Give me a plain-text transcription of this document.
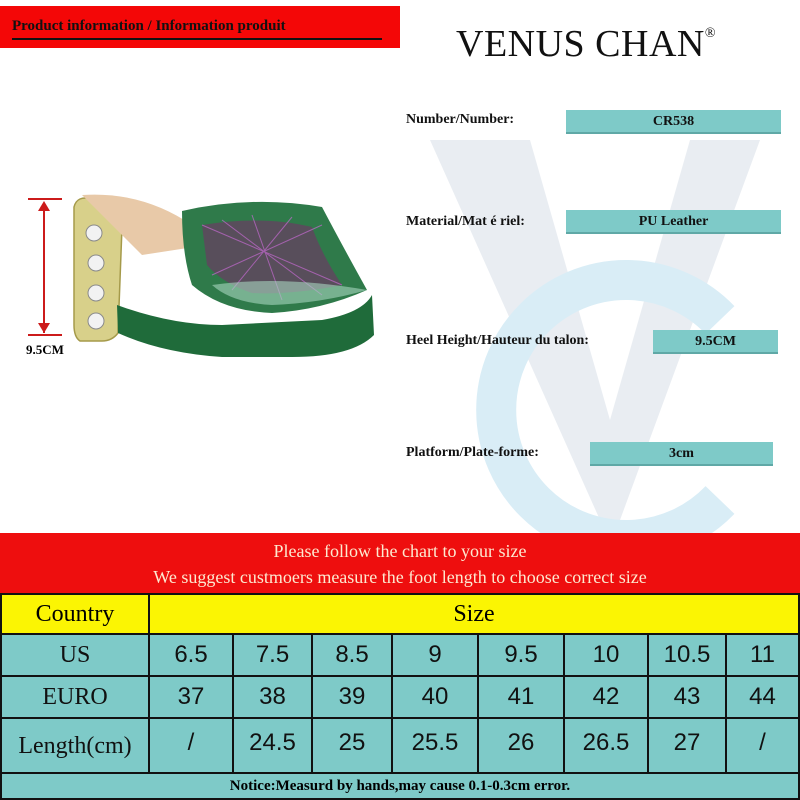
Product information / Information produit	VENUS CHAN®
Number/Number:	CR538
Material/Mat é riel:	PU Leather
Heel Height/Hauteur du talon:	9.5CM
Platform/Plate-forme:	3cm
9.5CM
Please follow the chart to your size
We suggest custmoers measure the foot length to choose correct size
Country	Size
US	6.5	7.5	8.5	9	9.5	10	10.5	11
EURO	37	38	39	40	41	42	43	44
Length(cm)	/	24.5	25	25.5	26	26.5	27	/
Notice:Measurd by hands,may cause 0.1-0.3cm error.
